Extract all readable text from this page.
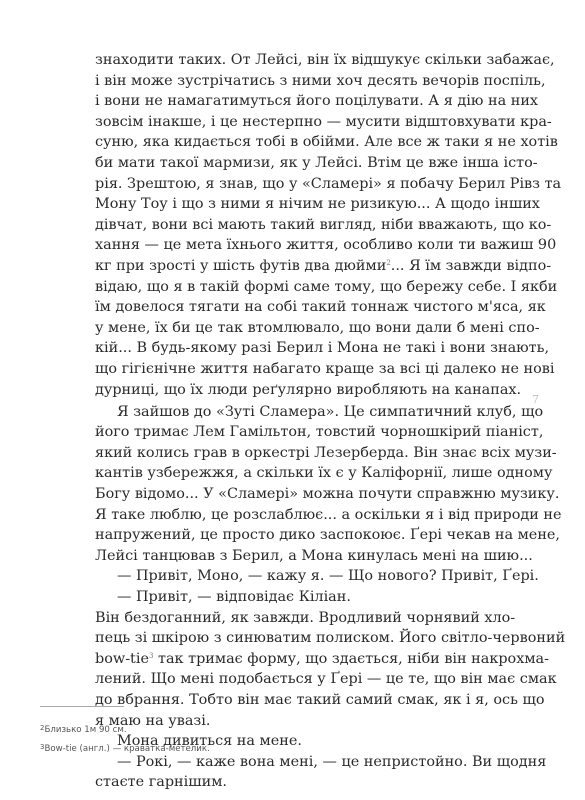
знаходити таких. От Лейсі, він їх відшукує скільки забажає,
і він може зустрічатись з ними хоч десять вечорів поспіль,
і вони не намагатимуться його поцілувати. А я дію на них
зовсім інакше, і це нестерпно — мусити відштовхувати кра-
суню, яка кидається тобі в обійми. Але все ж таки я не хотів
би мати такої мармизи, як у Лейсі. Втім це вже інша істо-
рія. Зрештою, я знав, що у «Сламері» я побачу Берил Рівз та
Мону Тоу і що з ними я нічим не ризикую... А щодо інших
дівчат, вони всі мають такий вигляд, ніби вважають, що ко-
хання — це мета їхнього життя, особливо коли ти важиш 90
кг при зрості у шість футів два дюйми$^2$... Я їм завжди відпо-
відаю, що я в такій формі саме тому, що бережу себе. І якби
їм довелося тягати на собі такий тоннаж чистого м'яса, як
у мене, їх би це так втомлювало, що вони дали б мені спо-
кій... В будь-якому разі Берил і Мона не такі і вони знають,
що гігієнічне життя набагато краще за всі ці далеко не нові
дурниці, що їх люди реґулярно виробляють на канапах.
Я зайшов до «Зуті Сламера». Це симпатичний клуб, що
його тримає Лем Гамільтон, товстий чорношкірий піаніст,
який колись грав в оркестрі Лезерберда. Він знає всіх музи-
кантів узбережжя, а скільки їх є у Каліфорнії, лише одному
Богу відомо... У «Сламері» можна почути справжню музику.
Я таке люблю, це розслаблює... а оскільки я і від природи не
напружений, це просто дико заспокоює. Ґері чекав на мене,
Лейсі танцював з Берил, а Мона кинулась мені на шию...
— Привіт, Моно, — кажу я. — Що нового? Привіт, Ґері.
— Привіт, — відповідає Кіліан.
Він бездоганний, як завжди. Вродливий чорнявий хло-
пець зі шкірою з синюватим полиском. Його світло-червоний
bow-tie$^3$ так тримає форму, що здається, ніби він накрохма-
лений. Що мені подобається у Ґері — це те, що він має смак
до вбрання. Тобто він має такий самий смак, як і я, ось що
я маю на увазі.
Мона дивиться на мене.
— Рокі, — каже вона мені, — це непристойно. Ви щодня
стаєте гарнішим.
7
$^2$Близько 1м 90 см.
$^3$Bow-tie (англ.) — краватка-метелик.
